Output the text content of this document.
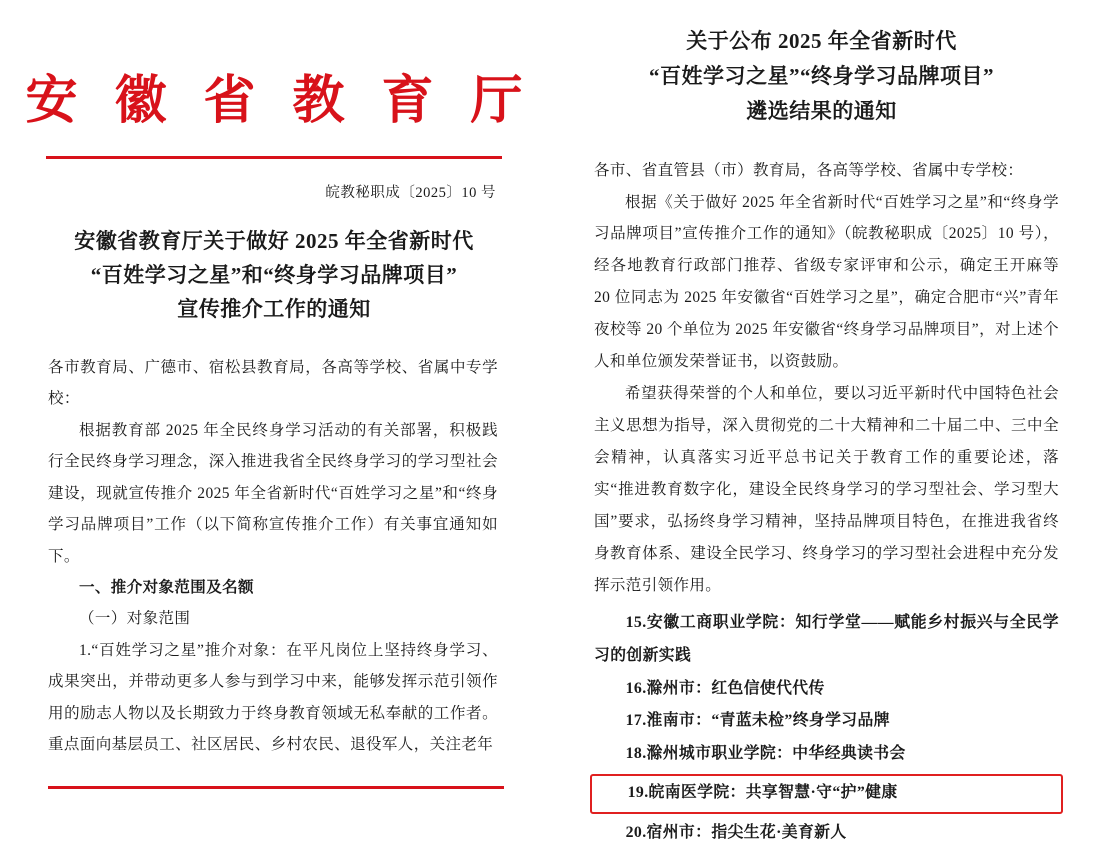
安 徽 省 教 育 厅
皖教秘职成〔2025〕10 号
安徽省教育厅关于做好 2025 年全省新时代
“百姓学习之星”和“终身学习品牌项目”
宣传推介工作的通知

各市教育局、广德市、宿松县教育局，各高等学校、省属中专学校：

根据教育部 2025 年全民终身学习活动的有关部署，积极践行全民终身学习理念，深入推进我省全民终身学习的学习型社会建设，现就宣传推介 2025 年全省新时代“百姓学习之星”和“终身学习品牌项目”工作（以下简称宣传推介工作）有关事宜通知如下。

一、推介对象范围及名额

（一）对象范围

1.“百姓学习之星”推介对象：在平凡岗位上坚持终身学习、成果突出，并带动更多人参与到学习中来，能够发挥示范引领作用的励志人物以及长期致力于终身教育领域无私奉献的工作者。重点面向基层员工、社区居民、乡村农民、退役军人，关注老年

关于公布 2025 年全省新时代
“百姓学习之星”“终身学习品牌项目”
遴选结果的通知

各市、省直管县（市）教育局，各高等学校、省属中专学校：

根据《关于做好 2025 年全省新时代“百姓学习之星”和“终身学习品牌项目”宣传推介工作的通知》（皖教秘职成〔2025〕10 号），经各地教育行政部门推荐、省级专家评审和公示，确定王开麻等 20 位同志为 2025 年安徽省“百姓学习之星”，确定合肥市“兴”青年夜校等 20 个单位为 2025 年安徽省“终身学习品牌项目”，对上述个人和单位颁发荣誉证书，以资鼓励。

希望获得荣誉的个人和单位，要以习近平新时代中国特色社会主义思想为指导，深入贯彻党的二十大精神和二十届二中、三中全会精神，认真落实习近平总书记关于教育工作的重要论述，落实“推进教育数字化，建设全民终身学习的学习型社会、学习型大国”要求，弘扬终身学习精神，坚持品牌项目特色，在推进我省终身教育体系、建设全民学习、终身学习的学习型社会进程中充分发挥示范引领作用。

15.安徽工商职业学院：知行学堂——赋能乡村振兴与全民学习的创新实践

16.滁州市：红色信使代代传

17.淮南市：“青蓝未检”终身学习品牌

18.滁州城市职业学院：中华经典读书会

19.皖南医学院：共享智慧·守“护”健康

20.宿州市：指尖生花·美育新人
